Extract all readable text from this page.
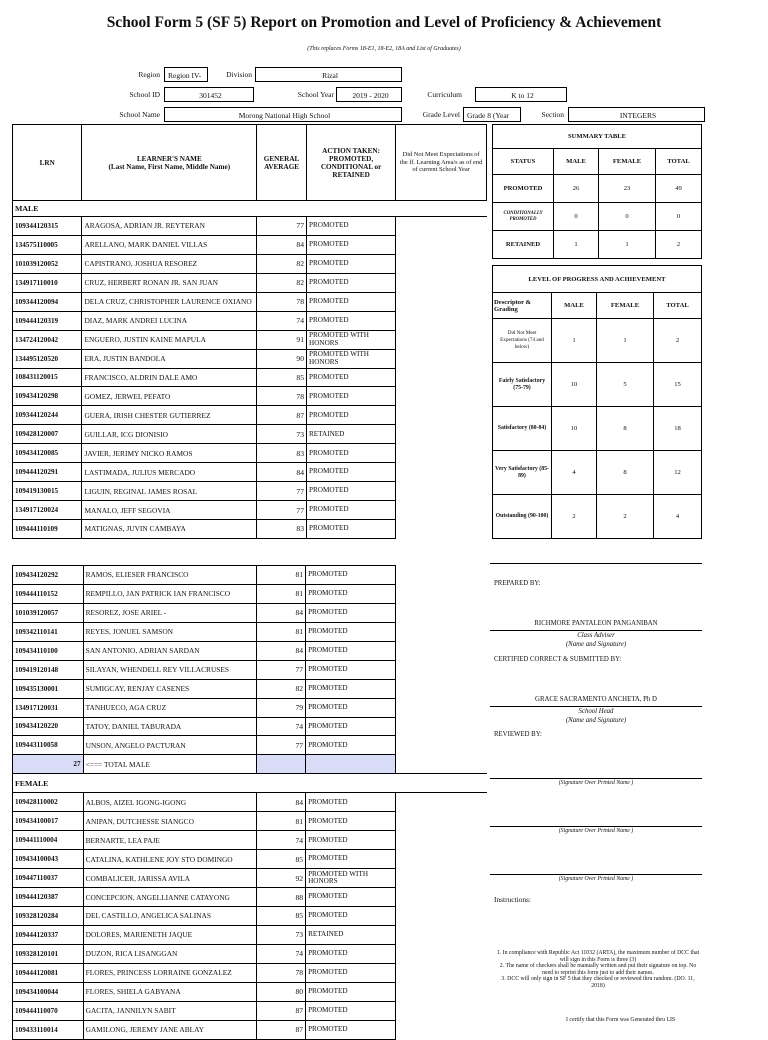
School Form 5 (SF 5) Report on Promotion and Level of Proficiency & Achievement
(This replaces Forms 18-E1, 18-E2, 18A and List of Graduates)
Region	Region IV-	Division	Rizal
School ID	301452	School Year	2019 - 2020	Curriculum	K to 12
School Name	Morong National High School	Grade Level Grade 8 (Year	Section	INTEGERS
LRN	LEARNER'S NAME
(Last Name, First Name, Middle Name)	GENERAL AVERAGE	ACTION TAKEN: PROMOTED, CONDITIONAL or RETAINED	Did Not Meet Expectations of the ff. Learning Area/s as of end of current School Year
MALE				
109344120315	ARAGOSA, ADRIAN JR. REYTERAN	77	PROMOTED	
134575110005	ARELLANO, MARK DANIEL VILLAS	84	PROMOTED	
101039120052	CAPISTRANO, JOSHUA RESOREZ	82	PROMOTED	
134917110010	CRUZ, HERBERT RONAN JR. SAN JUAN	82	PROMOTED	
109344120094	DELA CRUZ, CHRISTOPHER LAURENCE OXIANO	78	PROMOTED	
109444120319	DIAZ, MARK ANDREI LUCINA	74	PROMOTED	
134724120042	ENGUERO, JUSTIN KAINE MAPULA	91	PROMOTED WITH HONORS	
134495120520	ERA, JUSTIN BANDOLA	90	PROMOTED WITH HONORS	
108431120015	FRANCISCO, ALDRIN DALE AMO	85	PROMOTED	
109434120298	GOMEZ, JERWEL PEFATO	78	PROMOTED	
109344120244	GUERA, IRISH CHESTER GUTIERREZ	87	PROMOTED	
109428120007	GUILLAR, ICG DIONISIO	73	RETAINED	
109434120085	JAVIER, JERIMY NICKO RAMOS	83	PROMOTED	
109444120291	LASTIMADA, JULIUS MERCADO	84	PROMOTED	
109419130015	LIGUIN, REGINAL JAMES ROSAL	77	PROMOTED	
134917120024	MANALO, JEFF SEGOVIA	77	PROMOTED	
109444110109	MATIGNAS, JUVIN CAMBAYA	83	PROMOTED	
109434120292	RAMOS, ELIESER FRANCISCO	81	PROMOTED	
109444110152	REMPILLO, JAN PATRICK IAN FRANCISCO	81	PROMOTED	
101039120057	RESOREZ, JOSE ARIEL -	84	PROMOTED	
109342110141	REYES, JONUEL SAMSON	81	PROMOTED	
109434110100	SAN ANTONIO, ADRIAN SARDAN	84	PROMOTED	
109419120148	SILAYAN, WHENDELL REY VILLACRUSES	77	PROMOTED	
109435130001	SUMIGCAY, RENJAY CASENES	82	PROMOTED	
134917120031	TANHUECO, AGA CRUZ	79	PROMOTED	
109434120220	TATOY, DANIEL TABURADA	74	PROMOTED	
109443110058	UNSON, ANGELO PACTURAN	77	PROMOTED	
27	<=== TOTAL MALE			
FEMALE				
109428110002	ALBOS, AIZEL IGONG-IGONG	84	PROMOTED	
109434100017	ANIPAN, DUTCHESSE SIANGCO	81	PROMOTED	
109441110004	BERNARTE, LEA PAJE	74	PROMOTED	
109434100043	CATALINA, KATHLENE JOY STO DOMINGO	85	PROMOTED	
109447110037	COMBALICER, JARISSA AVILA	92	PROMOTED WITH HONORS	
109444120387	CONCEPCION, ANGELLIANNE CATAYONG	88	PROMOTED	
109328120284	DEL CASTILLO, ANGELICA SALINAS	85	PROMOTED	
109444120337	DOLORES, MARIENETH JAQUE	73	RETAINED	
109328120101	DUZON, RICA LISANGGAN	74	PROMOTED	
109444120081	FLORES, PRINCESS LORRAINE GONZALEZ	78	PROMOTED	
109434100044	FLORES, SHIELA GABYANA	80	PROMOTED	
109444110070	GACITA, JANNILYN SABIT	87	PROMOTED	
109433110014	GAMILONG, JEREMY JANE ABLAY	87	PROMOTED	
SUMMARY TABLE			
STATUS	MALE	FEMALE	TOTAL
PROMOTED	26	23	49
CONDITIONALLY PROMOTED	0	0	0
RETAINED	1	1	2
LEVEL OF PROGRESS AND ACHIEVEMENT			
Descriptor & Grading	MALE	FEMALE	TOTAL
Did Not Meet Expectations (74 and below)	1	1	2
Fairly Satisfactory (75-79)	10	5	15
Satisfactory (80-84)	10	8	18
Very Satisfactory (85-89)	4	8	12
Outstanding (90-100)	2	2	4
PREPARED BY:
RICHMORE PANTALEON PANGANIBAN
Class Adviser
(Name and Signature)
CERTIFIED CORRECT & SUBMITTED BY:
GRACE SACRAMENTO ANCHETA, Ph D
School Head
(Name and Signature)
REVIEWED BY:
(Signature Over Printed Name )
(Signature Over Printed Name )
(Signature Over Printed Name )
Instructions:
1. In compliance with Republic Act 11032 (ARTA), the maximum number of DCC that will sign in this Form is three (3)
2. The name of checkers shall be manually written and put their signature on top. No need to reprint this form just to add their names.
3. DCC will only sign in SF 5 that they checked or reviewed thru random. (DO. 11, 2018)
I certify that this Form was Generated thru LIS
